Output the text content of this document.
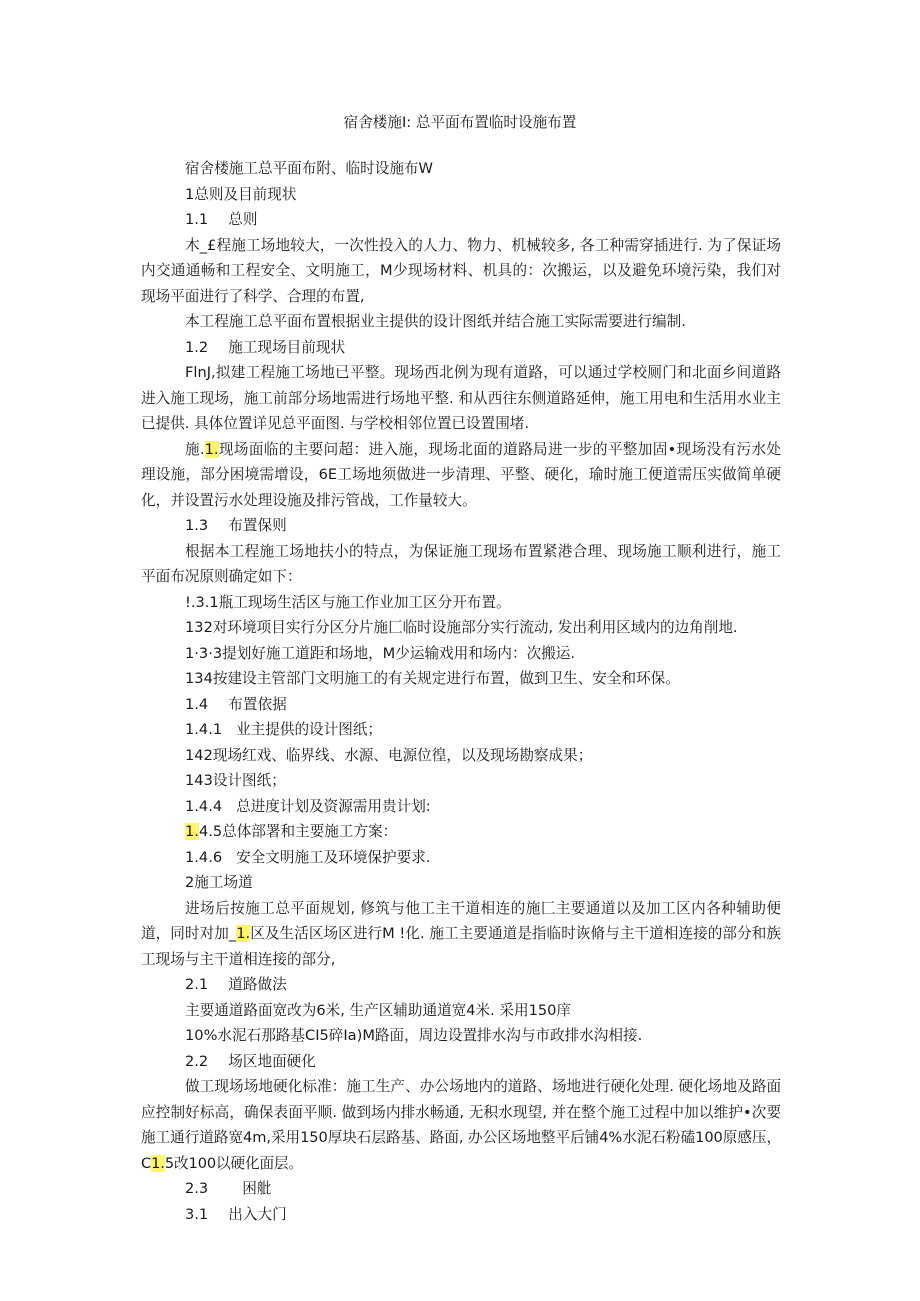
宿舍楼施I: 总平面布置临时设施布置

宿舍楼施工总平面布附、临时设施布W

1总则及目前现状

1.1 总则

木_£程施工场地较大，一次性投入的人力、物力、机械较多, 各工种需穿插进行. 为了保证场内交通通畅和工程安全、文明施工，M少现场材料、机具的：次搬运，以及避免环境污染，我们对现场平面进行了科学、合理的布置,

本工程施工总平面布置根据业主提供的设计图纸并结合施工实际需要进行编制.

1.2 施工现场目前现状

FlnJ,拟建工程施工场地已平整。现场西北例为现有道路，可以通过学校厕门和北面乡间道路进入施工现场，施工前部分场地需进行场地平整. 和从西往东侧道路延伸，施工用电和生活用水业主已提供. 具体位置详见总平面图. 与学校相邻位置已设置围堵.

施.1.现场面临的主要问超：进入施，现场北面的道路局进一步的平整加固•现场没有污水处理设施，部分困境需增设，6E工场地须做进一步清理、平整、硬化，瑜时施工便道需压实做简单硬化，并设置污水处理设施及排污管战，工作量较大。

1.3 布置保则

根据本工程施工场地扶小的特点，为保证施工现场布置紧港合理、现场施工顺利进行，施工平面布况原则确定如下：

!.3.1瓶工现场生活区与施工作业加工区分开布置。

132对环境项目实行分区分片施匚临时设施部分实行流动, 发出利用区域内的边角削地.

1·3·3提划好施工道距和场地，M少运输戏用和场内：次搬运.

134按建设主管部门文明施工的有关规定进行布置，做到卫生、安全和环保。

1.4 布置依据

1.4.1 业主提供的设计图纸；

142现场红戏、临界线、水源、电源位徨，以及现场勘察成果；

143设计图纸；

1.4.4 总进度计划及资源需用贵计划:

1.4.5总体部署和主要施工方案：

1.4.6 安全文明施工及环境保护要求.

2施工场道

进场后按施工总平面规划, 修筑与他工主干道相连的施匚主要通道以及加工区内各种辅助便道，同时对加_1.区及生活区场区进行M !化. 施工主要通道是指临时诙脩与主干道相连接的部分和族工现场与主干道相连接的部分,

2.1 道路做法

主要通道路面宽改为6米, 生产区辅助通道宽4米. 采用150庠

10%水泥石那路基CI5碎Ia)M路面，周边设置排水沟与市政排水沟相接.

2.2 场区地面硬化

做工现场场地硬化标准：施工生产、办公场地内的道路、场地进行硬化处理. 硬化场地及路面应控制好标高，确保表面平顺. 做到场内排水畅通, 无积水现望, 并在整个施工过程中加以维护•次要施工通行道路宽4m,采用150厚块石层路基、路面, 办公区场地整平后铺4%水泥石粉磕100原感压，C1.5改100以硬化面层。

2.3 困舭

3.1 出入大门
